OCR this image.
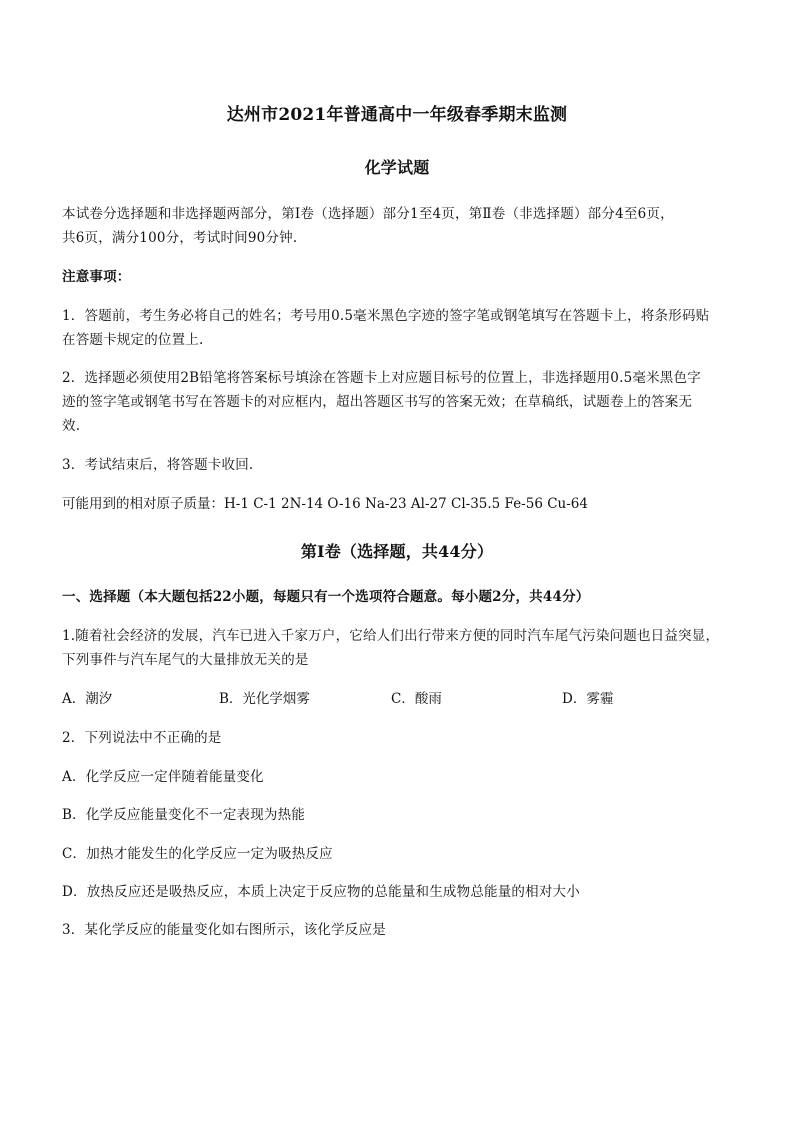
达州市2021年普通高中一年级春季期末监测
化学试题
本试卷分选择题和非选择题两部分，第Ⅰ卷（选择题）部分1至4页，第Ⅱ卷（非选择题）部分4至6页，
共6页，满分100分，考试时间90分钟.
注意事项：
1．答题前，考生务必将自己的姓名；考号用0.5毫米黑色字迹的签字笔或钢笔填写在答题卡上，将条形码贴
在答题卡规定的位置上.
2．选择题必须使用2B铅笔将答案标号填涂在答题卡上对应题目标号的位置上，非选择题用0.5毫米黑色字
迹的签字笔或钢笔书写在答题卡的对应框内，超出答题区书写的答案无效；在草稿纸，试题卷上的答案无
效.
3．考试结束后，将答题卡收回.
可能用到的相对原子质量：H-1 C-1 2N-14 O-16 Na-23 Al-27 Cl-35.5 Fe-56 Cu-64
第Ⅰ卷（选择题，共44分）
一、选择题（本大题包括22小题，每题只有一个选项符合题意。每小题2分，共44分）
1.随着社会经济的发展，汽车已进入千家万户，它给人们出行带来方便的同时汽车尾气污染问题也日益突显，
下列事件与汽车尾气的大量排放无关的是
A．潮汐	B．光化学烟雾	C．酸雨	D．雾霾
2．下列说法中不正确的是
A．化学反应一定伴随着能量变化
B．化学反应能量变化不一定表现为热能
C．加热才能发生的化学反应一定为吸热反应
D．放热反应还是吸热反应，本质上决定于反应物的总能量和生成物总能量的相对大小
3．某化学反应的能量变化如右图所示，该化学反应是
